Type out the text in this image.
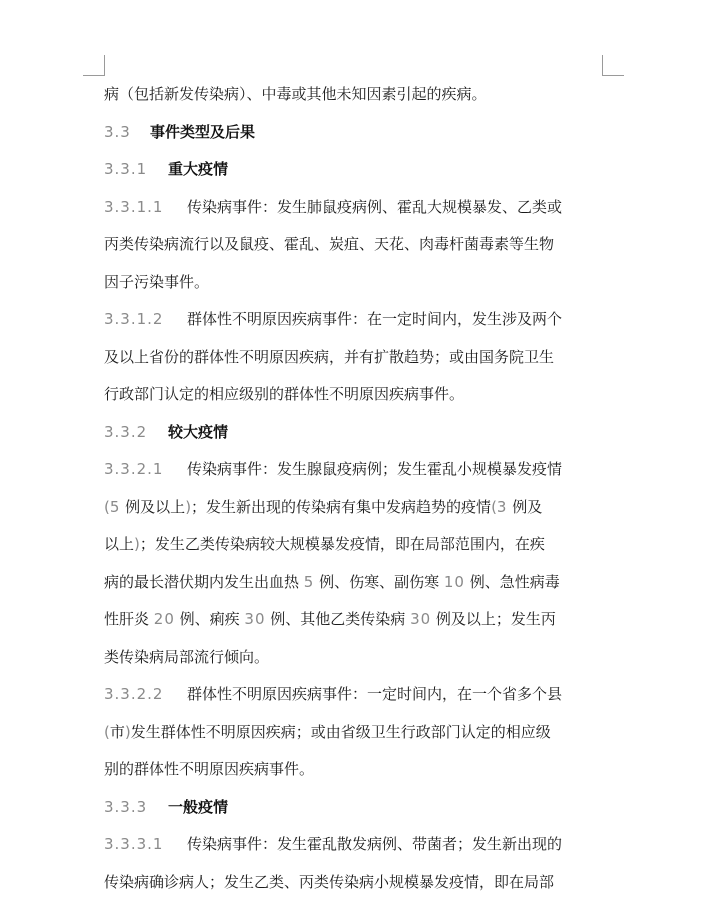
病（包括新发传染病）、中毒或其他未知因素引起的疾病。
3.3 事件类型及后果
3.3.1 重大疫情
3.3.1.1 传染病事件：发生肺鼠疫病例、霍乱大规模暴发、乙类或
丙类传染病流行以及鼠疫、霍乱、炭疽、天花、肉毒杆菌毒素等生物
因子污染事件。
3.3.1.2 群体性不明原因疾病事件：在一定时间内，发生涉及两个
及以上省份的群体性不明原因疾病，并有扩散趋势；或由国务院卫生
行政部门认定的相应级别的群体性不明原因疾病事件。
3.3.2 较大疫情
3.3.2.1 传染病事件：发生腺鼠疫病例；发生霍乱小规模暴发疫情
(5 例及以上)；发生新出现的传染病有集中发病趋势的疫情(3 例及
以上)；发生乙类传染病较大规模暴发疫情，即在局部范围内，在疾
病的最长潜伏期内发生出血热 5 例、伤寒、副伤寒 10 例、急性病毒
性肝炎 20 例、痢疾 30 例、其他乙类传染病 30 例及以上；发生丙
类传染病局部流行倾向。
3.3.2.2 群体性不明原因疾病事件：一定时间内，在一个省多个县
(市)发生群体性不明原因疾病；或由省级卫生行政部门认定的相应级
别的群体性不明原因疾病事件。
3.3.3 一般疫情
3.3.3.1 传染病事件：发生霍乱散发病例、带菌者；发生新出现的
传染病确诊病人；发生乙类、丙类传染病小规模暴发疫情，即在局部
